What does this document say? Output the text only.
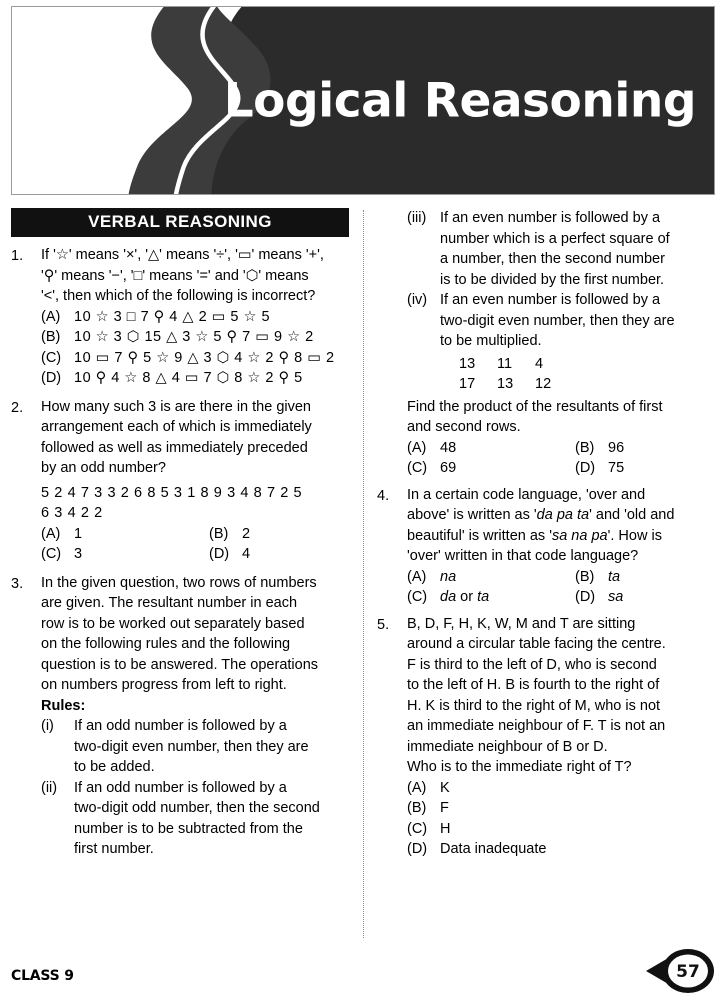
Logical Reasoning
VERBAL REASONING
1.	If '☆' means '×', '△' means '÷', '▭' means '+',
'⚲' means '−', '□' means '=' and '⬡' means
'<', then which of the following is incorrect?
(A) 10 ☆ 3 □ 7 ⚲ 4 △ 2 ▭ 5 ☆ 5
(B) 10 ☆ 3 ⬡ 15 △ 3 ☆ 5 ⚲ 7 ▭ 9 ☆ 2
(C) 10 ▭ 7 ⚲ 5 ☆ 9 △ 3 ⬡ 4 ☆ 2 ⚲ 8 ▭ 2
(D) 10 ⚲ 4 ☆ 8 △ 4 ▭ 7 ⬡ 8 ☆ 2 ⚲ 5
2.	How many such 3 is are there in the given
arrangement each of which is immediately
followed as well as immediately preceded
by an odd number?
5 2 4 7 3 3 2 6 8 5 3 1 8 9 3 4 8 7 2 5
6 3 4 2 2
(A) 1	(B) 2
(C) 3	(D) 4
3.	In the given question, two rows of numbers
are given. The resultant number in each
row is to be worked out separately based
on the following rules and the following
question is to be answered. The operations
on numbers progress from left to right.
Rules:
(i)	If an odd number is followed by a
two-digit even number, then they are
to be added.
(ii)	If an odd number is followed by a
two-digit odd number, then the second
number is to be subtracted from the
first number.
(iii) If an even number is followed by a
number which is a perfect square of
a number, then the second number
is to be divided by the first number.
(iv) If an even number is followed by a
two-digit even number, then they are
to be multiplied.
13 11 4
17 13 12
Find the product of the resultants of first
and second rows.
(A) 48	(B) 96
(C) 69	(D) 75
4.	In a certain code language, 'over and
above' is written as 'da pa ta' and 'old and
beautiful' is written as 'sa na pa'. How is
'over' written in that code language?
(A) na	(B) ta
(C) da or ta	(D) sa
5.	B, D, F, H, K, W, M and T are sitting
around a circular table facing the centre.
F is third to the left of D, who is second
to the left of H. B is fourth to the right of
H. K is third to the right of M, who is not
an immediate neighbour of F. T is not an
immediate neighbour of B or D.
Who is to the immediate right of T?
(A) K
(B) F
(C) H
(D) Data inadequate
CLASS 9	57
